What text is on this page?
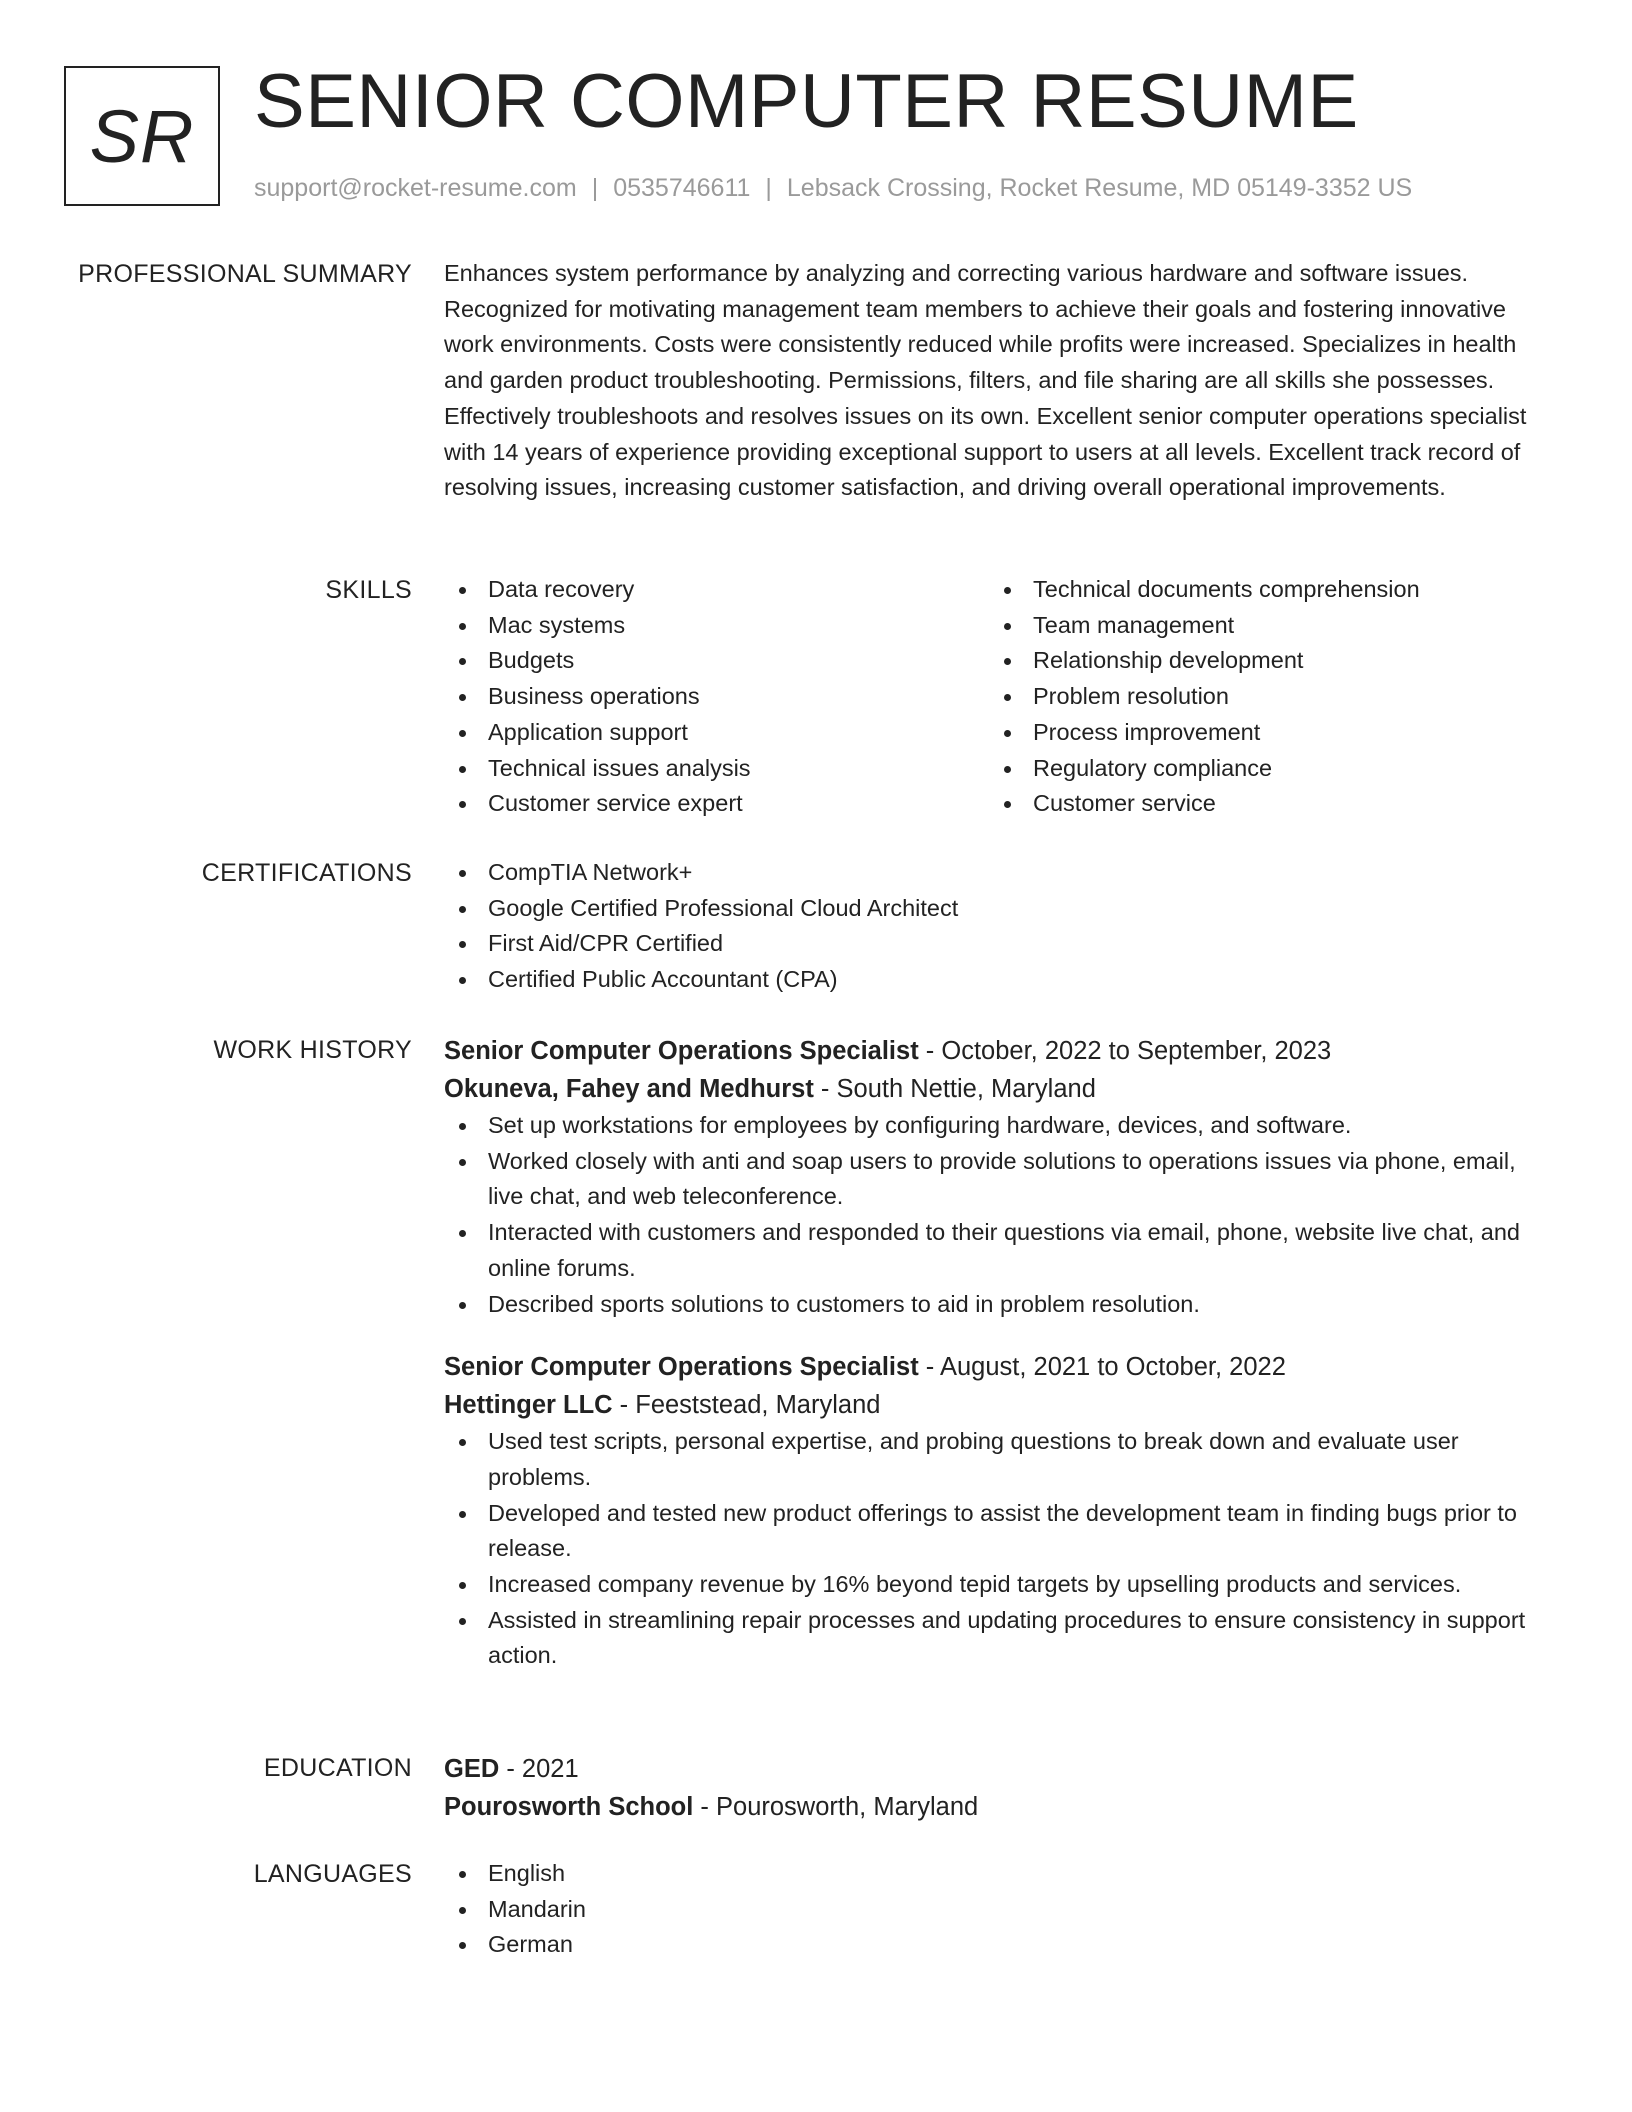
SR SENIOR COMPUTER RESUME
support@rocket-resume.com | 0535746611 | Lebsack Crossing, Rocket Resume, MD 05149-3352 US
PROFESSIONAL SUMMARY Enhances system performance by analyzing and correcting various hardware and software issues. Recognized for motivating management team members to achieve their goals and fostering innovative work environments. Costs were consistently reduced while profits were increased. Specializes in health and garden product troubleshooting. Permissions, filters, and file sharing are all skills she possesses. Effectively troubleshoots and resolves issues on its own. Excellent senior computer operations specialist with 14 years of experience providing exceptional support to users at all levels. Excellent track record of resolving issues, increasing customer satisfaction, and driving overall operational improvements.

SKILLS	Data recovery
Mac systems
Budgets
Business operations
Application support
Technical issues analysis
Customer service expert
Technical documents comprehension
Team management
Relationship development
Problem resolution
Process improvement
Regulatory compliance
Customer service
CERTIFICATIONS	CompTIA Network+
Google Certified Professional Cloud Architect
First Aid/CPR Certified
Certified Public Accountant (CPA)
WORK HISTORY Senior Computer Operations Specialist - October, 2022 to September, 2023
Okuneva, Fahey and Medhurst - South Nettie, Maryland
Set up workstations for employees by configuring hardware, devices, and software.
Worked closely with anti and soap users to provide solutions to operations issues via phone, email, live chat, and web teleconference.
Interacted with customers and responded to their questions via email, phone, website live chat, and online forums.
Described sports solutions to customers to aid in problem resolution.
Senior Computer Operations Specialist - August, 2021 to October, 2022
Hettinger LLC - Feeststead, Maryland
Used test scripts, personal expertise, and probing questions to break down and evaluate user problems.
Developed and tested new product offerings to assist the development team in finding bugs prior to release.
Increased company revenue by 16% beyond tepid targets by upselling products and services.
Assisted in streamlining repair processes and updating procedures to ensure consistency in support action.
EDUCATION GED - 2021
Pourosworth School - Pourosworth, Maryland
LANGUAGES	English
Mandarin
German
